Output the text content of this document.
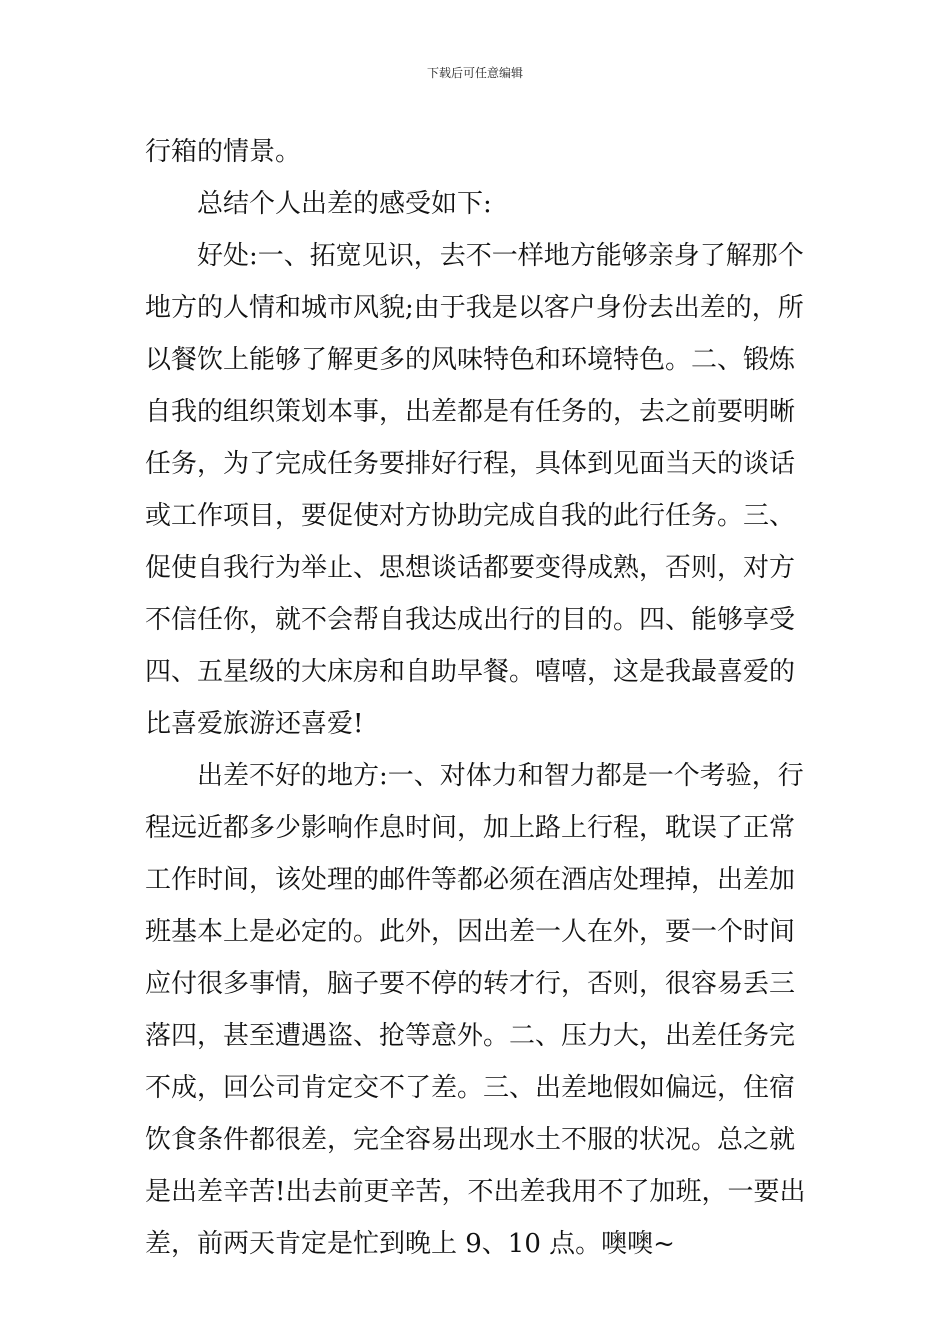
下载后可任意编辑
行箱的情景。
总结个人出差的感受如下:
好处:一、拓宽见识，去不一样地方能够亲身了解那个
地方的人情和城市风貌;由于我是以客户身份去出差的，所
以餐饮上能够了解更多的风味特色和环境特色。二、锻炼
自我的组织策划本事，出差都是有任务的，去之前要明晰
任务，为了完成任务要排好行程，具体到见面当天的谈话
或工作项目，要促使对方协助完成自我的此行任务。三、
促使自我行为举止、思想谈话都要变得成熟，否则，对方
不信任你，就不会帮自我达成出行的目的。四、能够享受
四、五星级的大床房和自助早餐。嘻嘻，这是我最喜爱的
比喜爱旅游还喜爱!
出差不好的地方:一、对体力和智力都是一个考验，行
程远近都多少影响作息时间，加上路上行程，耽误了正常
工作时间，该处理的邮件等都必须在酒店处理掉，出差加
班基本上是必定的。此外，因出差一人在外，要一个时间
应付很多事情，脑子要不停的转才行，否则，很容易丢三
落四，甚至遭遇盗、抢等意外。二、压力大，出差任务完
不成，回公司肯定交不了差。三、出差地假如偏远，住宿
饮食条件都很差，完全容易出现水土不服的状况。总之就
是出差辛苦!出去前更辛苦，不出差我用不了加班，一要出
差，前两天肯定是忙到晚上 9、10 点。噢噢~
